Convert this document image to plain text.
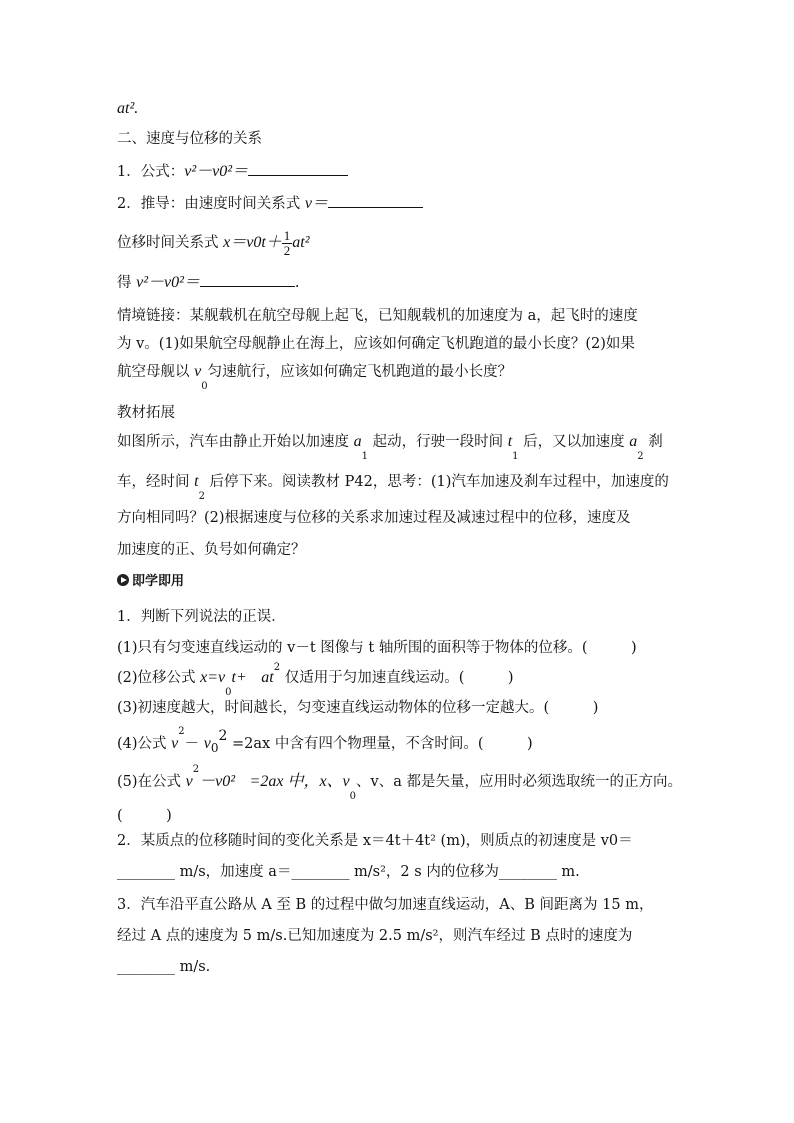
at².
二、速度与位移的关系
1．公式：v²－v0²＝
2．推导：由速度时间关系式 v＝
位移时间关系式 $x=v0t+ \frac{1}{2} at^2$
得 v²－v0²＝	.
情境链接：某舰载机在航空母舰上起飞，已知舰载机的加速度为 a，起飞时的速度
为 v。(1)如果航空母舰静止在海上，应该如何确定飞机跑道的最小长度？(2)如果
航空母舰以 $v_0$匀速航行，应该如何确定飞机跑道的最小长度？
教材拓展
如图所示，汽车由静止开始以加速度 $a_1$ 起动，行驶一段时间 $t_1$ 后，又以加速度 $a_2$ 刹
车，经时间 $t_2$ 后停下来。阅读教材 P42，思考：(1)汽车加速及刹车过程中，加速度的
方向相同吗？(2)根据速度与位移的关系求加速过程及减速过程中的位移，速度及
加速度的正、负号如何确定？
即学即用
1．判断下列说法的正误．
(1)只有匀变速直线运动的 v－t 图像与 t 轴所围的面积等于物体的位移。(　　　)
(2)位移公式 $x=v_0t+$　 $at^2$ 仅适用于匀加速直线运动。(　　　)
(3)初速度越大，时间越长，匀变速直线运动物体的位移一定越大。(　　　)
(4)公式 $v^2- v_02 =2ax$ 中含有四个物理量，不含时间。(　　　)
(5)在公式 $v^2-v0^2$　 =2ax 中，x、$v_0$、v、a 都是矢量，应用时必须选取统一的正方向。
(　　　)
2．某质点的位移随时间的变化关系是 x＝4t＋4t² (m)，则质点的初速度是 v0＝
________ m/s，加速度 a＝________ m/s²，2 s 内的位移为________ m.
3．汽车沿平直公路从 A 至 B 的过程中做匀加速直线运动，A、B 间距离为 15 m，
经过 A 点的速度为 5 m/s.已知加速度为 2.5 m/s²，则汽车经过 B 点时的速度为
________ m/s.
